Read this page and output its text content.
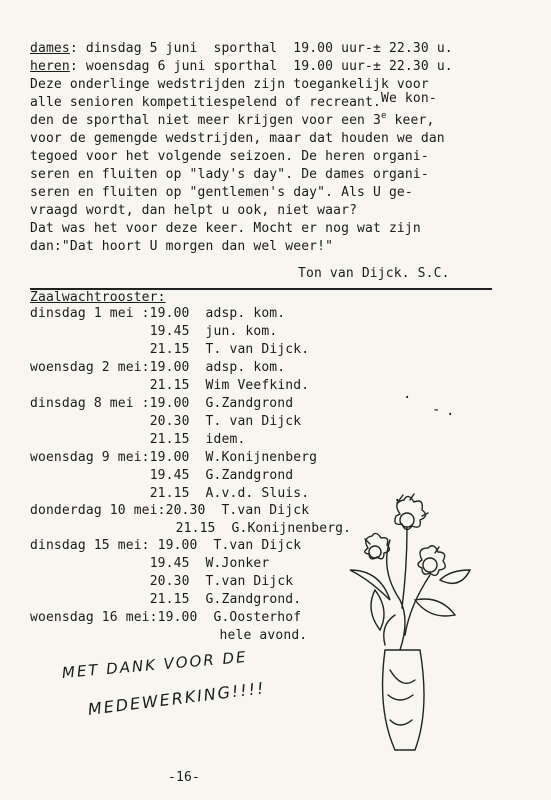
dames: dinsdag 5 juni  sporthal  19.00 uur-± 22.30 u.
heren: woensdag 6 juni sporthal  19.00 uur-± 22.30 u.
Deze onderlinge wedstrijden zijn toegankelijk voor
alle senioren kompetitiespelend of recreant.We kon-
den de sporthal niet meer krijgen voor een 3e keer,
voor de gemengde wedstrijden, maar dat houden we dan
tegoed voor het volgende seizoen. De heren organi-
seren en fluiten op "lady's day". De dames organi-
seren en fluiten op "gentlemen's day". Als U ge-
vraagd wordt, dan helpt u ook, niet waar?
Dat was het voor deze keer. Mocht er nog wat zijn
dan:"Dat hoort U morgen dan wel weer!"
Ton van Dijck. S.C.
Zaalwachtrooster:
dinsdag 1 mei :19.00  adsp. kom.
19.45  jun. kom.
21.15  T. van Dijck.
woensdag 2 mei:19.00  adsp. kom.
21.15  Wim Veefkind.
dinsdag 8 mei :19.00  G.Zandgrond
20.30  T. van Dijck
21.15  idem.
woensdag 9 mei:19.00  W.Konijnenberg
19.45  G.Zandgrond
21.15  A.v.d. Sluis.
donderdag 10 mei:20.30  T.van Dijck
21.15  G.Konijnenberg.
dinsdag 15 mei: 19.00  T.van Dijck
19.45  W.Jonker
20.30  T.van Dijck
21.15  G.Zandgrond.
woensdag 16 mei:19.00  G.Oosterhof
hele avond.
·
- ·
·
MET DANK VOOR DE
MEDEWERKING!!!!
-16-
